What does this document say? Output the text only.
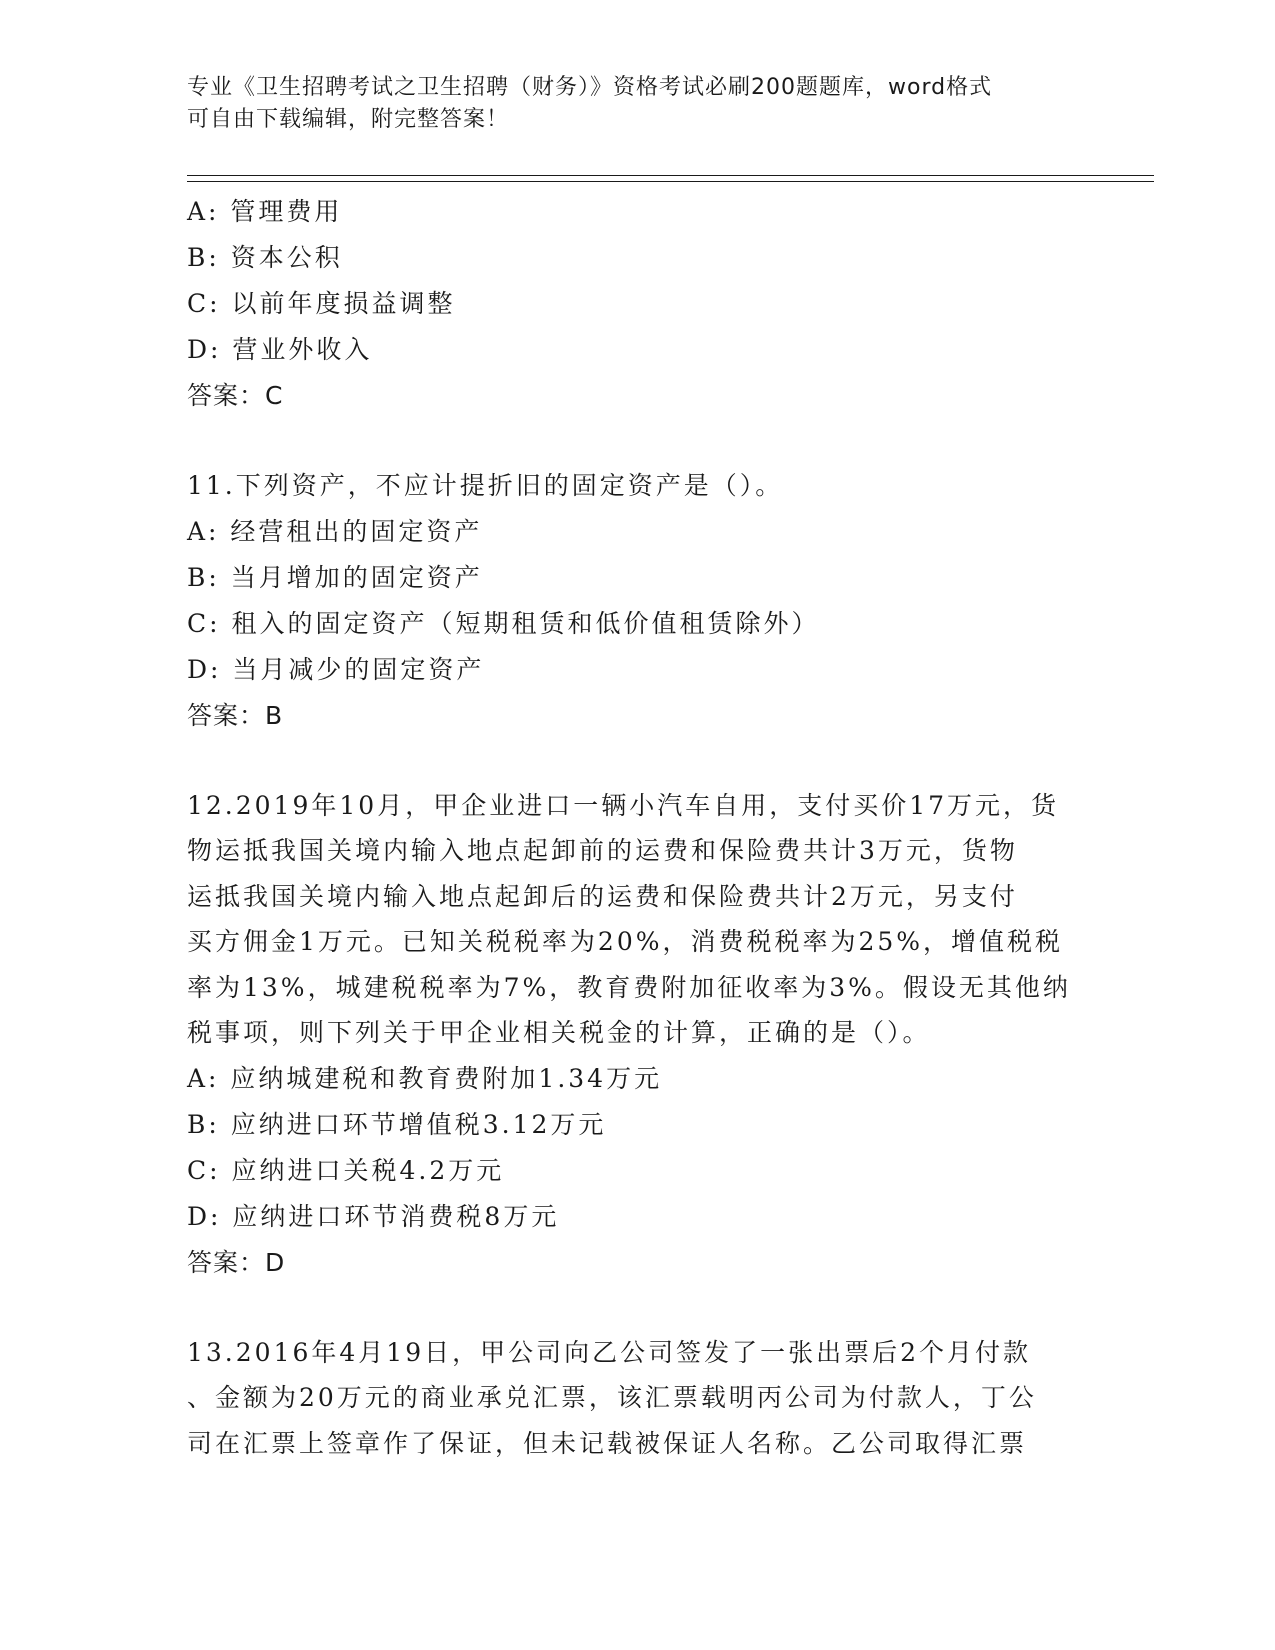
专业《卫生招聘考试之卫生招聘（财务）》资格考试必刷200题题库，word格式
可自由下载编辑，附完整答案！
A: 管理费用
B: 资本公积
C: 以前年度损益调整
D: 营业外收入
答案：C
11.下列资产，不应计提折旧的固定资产是（）。
A: 经营租出的固定资产
B: 当月增加的固定资产
C: 租入的固定资产（短期租赁和低价值租赁除外）
D: 当月减少的固定资产
答案：B
12.2019年10月，甲企业进口一辆小汽车自用，支付买价17万元，货
物运抵我国关境内输入地点起卸前的运费和保险费共计3万元，货物
运抵我国关境内输入地点起卸后的运费和保险费共计2万元，另支付
买方佣金1万元。已知关税税率为20%，消费税税率为25%，增值税税
率为13%，城建税税率为7%，教育费附加征收率为3%。假设无其他纳
税事项，则下列关于甲企业相关税金的计算，正确的是（）。
A: 应纳城建税和教育费附加1.34万元
B: 应纳进口环节增值税3.12万元
C: 应纳进口关税4.2万元
D: 应纳进口环节消费税8万元
答案：D
13.2016年4月19日，甲公司向乙公司签发了一张出票后2个月付款
、金额为20万元的商业承兑汇票，该汇票载明丙公司为付款人，丁公
司在汇票上签章作了保证，但未记载被保证人名称。乙公司取得汇票
